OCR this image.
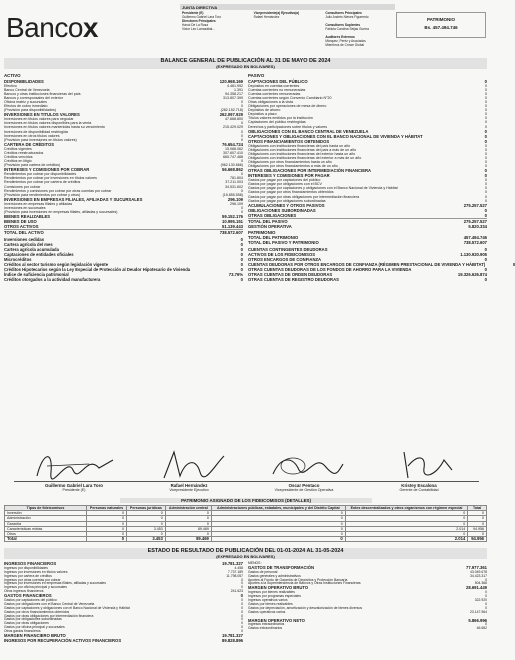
Bancox
JUNTA DIRECTIVA
Presidente (E)
Guillermo Gabriel Lara Toro
Directores Principales
Hanoi De La Rosa
Victor Leo Larrazábal...
Vicepresidente(a) Ejecutivo(a)
Rafael Hernández
Consultores Principales
Julio Andrés Nieves Figueredo

Consultores Suplentes
Fabiola Carolina Seijas Guerra

Auditores Externos
Márquez, Peréz y Asociados
Miembros de Crowe Global
PATRIMONIO
Bs. 457.494.746
BALANCE GENERAL DE PUBLICACIÓN AL 31 DE MAYO DE 2024
(EXPRESADO EN BOLIVARES)
ACTIVO
DISPONIBILIDADES	120.968.169
Efectivo	4.461.992
Banco Central de Venezuela	1.391
Bancos y otras instituciones financieras del país	94.358.217
Bancos y corresponsales del exterior	313.807.399
Oficina matriz y sucursales	0
Efectos de cobro inmediato	0
(Provisión para disponibilidades)	(282.152.718)
INVERSIONES EN TITULOS VALORES	262.097.929
Inversiones en títulos valores para negociar	47.668.800
Inversiones en títulos valores disponibles para la venta	0
Inversiones en títulos valores mantenidas hasta su vencimiento	215.429.029
Inversiones de disponibilidad restringida	0
Inversiones en otros títulos valores	0
(Provisión para inversiones en títulos valores)	0
CARTERA DE CRÉDITOS	76.654.724
Créditos vigentes	15.068.062
Créditos reestructurados	307.607.410
Créditos vencidos	665.747.488
Créditos en litigio	0
(Provisión para cartera de créditos)	(962.130.666)
INTERESES Y COMISIONES POR COBRAR	56.668.862
Rendimientos por cobrar por disponibilidades	0
Rendimientos por cobrar por inversiones en títulos valores	781.804
Rendimientos por cobrar por cartera de créditos	37.211.003
Comisiones por cobrar	34.531.602
Rendimientos y comisiones por cobrar por otras cuentas por cobrar	0
(Provisión para rendimientos por cobrar y otros)	(15.855.558)
INVERSIONES EN EMPRESAS FILIALES, AFILIADAS Y SUCURSALES	296.109
Inversiones en empresas filiales y afiliadas	296.109
Inversiones en sucursales	0
(Provisión para inversiones en empresas filiales, afiliadas y sucursales)	0
BIENES REALIZABLES	59.152.176
BIENES DE USO	10.995.151
OTROS ACTIVOS	51.139.443
TOTAL DEL ACTIVO	738.572.607
Inversiones cedidas	0
Cartera agrícola del mes	0
Cartera agrícola acumulada	0
Captaciones de entidades oficiales	0
Microcréditos	0
Créditos al sector turismo según legislación vigente	0
Créditos Hipotecarios según la Ley Especial de Protección al Deudor Hipotecario de Vivienda	0
Índice de suficiencia patrimonial	73.76%
Créditos otorgados a la actividad manufacturera	0
PASIVO
CAPTACIONES DEL PÚBLICO	0
Depósitos en cuentas corrientes	0
Cuentas corrientes no remuneradas	0
Cuentas corrientes remuneradas	0
Cuentas corrientes según Convenio Cambiario N°20	0
Otras obligaciones a la vista	0
Obligaciones por operaciones de mesa de dinero	0
Depósitos de ahorro	0
Depósitos a plazo	0
Títulos valores emitidos por la institución	0
Captaciones del público restringidas	0
Derechos y participaciones sobre títulos y valores	0
OBLIGACIONES CON EL BANCO CENTRAL DE VENEZUELA	0
CAPTACIONES Y OBLIGACIONES CON EL BANCO NACIONAL DE VIVIENDA Y HÁBITAT	0
OTROS FINANCIAMIENTOS OBTENIDOS	0
Obligaciones con instituciones financieras del país hasta un año	0
Obligaciones con instituciones financieras del país a más de un año	0
Obligaciones con instituciones financieras del exterior hasta un año	0
Obligaciones con instituciones financieras del exterior a más de un año	0
Obligaciones por otros financiamientos hasta un año	0
Obligaciones por otros financiamientos a más de un año	0
OTRAS OBLIGACIONES POR INTERMEDIACIÓN FINANCIERA	0
INTERESES Y COMISIONES POR PAGAR	0
Gastos por pagar por captaciones del público	0
Gastos por pagar por obligaciones con el BCV	0
Gastos por pagar por captaciones y obligaciones con el Banco Nacional de Vivienda y Hábitat	0
Gastos por pagar por otros financiamientos obtenidos	0
Gastos por pagar por otras obligaciones por intermediación financiera	0
Gastos por pagar por obligaciones subordinadas	0
ACUMULACIONES Y OTROS PASIVOS	275.257.527
OBLIGACIONES SUBORDINADAS	0
OTRAS OBLIGACIONES	0
TOTAL DEL PASIVO	275.257.527
GESTIÓN OPERATIVA	5.820.334
PATRIMONIO
TOTAL DEL PATRIMONIO	457.494.746
TOTAL DEL PASIVO Y PATRIMONIO	738.572.607
CUENTAS CONTINGENTES DEUDORAS	0
ACTIVOS DE LOS FIDEICOMISOS	1.130.920.905
OTROS ENCARGOS DE CONFIANZA	0
CUENTAS DEUDORAS POR OTROS ENCARGOS DE CONFIANZA (RÉGIMEN PRESTACIONAL DE VIVIENDA Y HÁBITAT)	0
OTRAS CUENTAS DEUDORAS DE LOS FONDOS DE AHORRO PARA LA VIVIENDA	0
OTRAS CUENTAS DE ORDEN DEUDORAS	19.326.626.874
OTRAS CUENTAS DE REGISTRO DEUDORAS	0
Guillermo Gabriel Lara Toro
Presidente (E)
Rafael Hernández
Vicepresidente Ejecutivo
Oscar Pentaco
Vicepresidente de Gestión Operativa
Kristey Escalona
Gerente de Contabilidad
PATRIMONIO ASIGNADO DE LOS FIDEICOMISOS (DETALLES)
Tipos de fideicomisos	Personas naturales	Personas jurídicas	Administración central	Administraciones públicas, estadales, municipales y del Distrito Capital	Entes descentralizados y otros organismos con régimen especial	Total
Inversión	0	0	0	0	0	0
Administración	0	0	0	0	0	0
Garantía	0	0	0	0	0	0
Características mixtas	0	3.453	89.469	0	2.014	94.956
Otros	0	0	0	0	0	0
Total	0	3.453	89.469	0	2.014	94.956
ESTADO DE RESULTADO DE PUBLICACIÓN DEL 01-01-2024 AL 31-05-2024
(EXPRESADO EN BOLIVARES)
INGRESOS FINANCIEROS	19.781.327
Ingresos por disponibilidades	4.458
Ingresos por inversiones en títulos valores	7.737.189
Ingresos por cartera de créditos	11.798.057
Ingresos por otras cuentas por cobrar	0
Ingresos por inversiones en empresas filiales, afiliadas y sucursales	0
Ingresos por oficina principal y sucursales	0
Otros ingresos financieros	241.623
GASTOS FINANCIEROS	0
Gastos por captaciones del público	0
Gastos por obligaciones con el Banco Central de Venezuela	0
Gastos por captaciones y obligaciones con el Banco Nacional de Vivienda y Hábitat	0
Gastos por otros financiamientos obtenidos	0
Gastos por otras obligaciones por intermediación financiera	0
Gastos por obligaciones subordinadas	0
Gastos por otras obligaciones	0
Gastos por oficina principal y sucursales	0
Otros gastos financieros	0
MARGEN FINANCIERO BRUTO	19.781.327
INGRESOS POR RECUPERACIÓN ACTIVOS FINANCIEROS	89.828.896
MENOS :
GASTOS DE TRANSFORMACIÓN	77.977.361
Gastos de personal	43.049.678
Gastos generales y administrativos	34.423.317
Aportes al Fondo de Garantía de Depósitos y Protección Bancaria	0
Aportes a la Superintendencia de Bancos y Otras Instituciones Financieras	504.366
MARGEN OPERATIVO BRUTO	28.691.449
Ingresos por bienes realizables	0
Ingresos por programas especiales	0
Ingresos operativos varios	322.920
Gastos por bienes realizables	0
Gastos por depreciación, amortización y desvalorización de bienes diversos	0
Gastos operativos varios	23.147.964
MARGEN OPERATIVO NETO	5.866.996
Ingresos extraordinarios	0
Gastos extraordinarios	46.662
